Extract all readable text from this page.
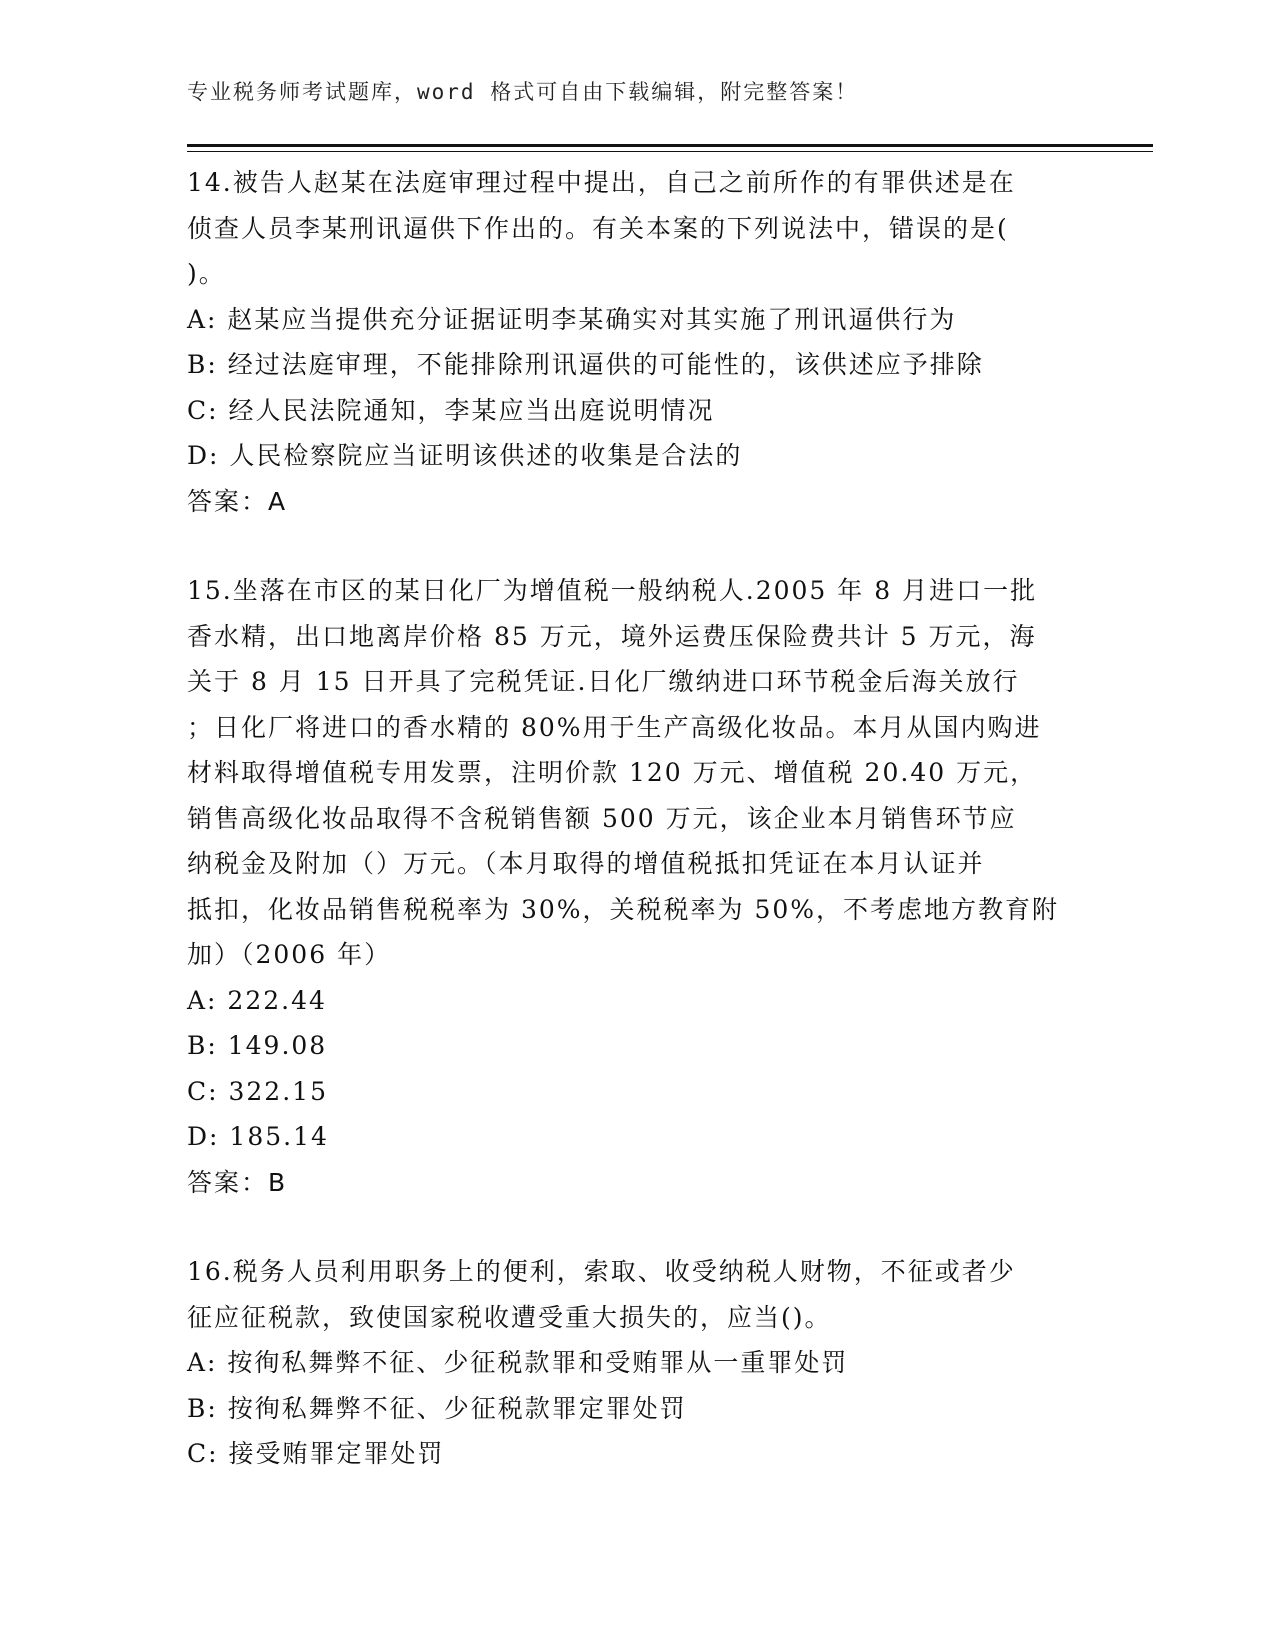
专业税务师考试题库，word 格式可自由下载编辑，附完整答案！
14.被告人赵某在法庭审理过程中提出，自己之前所作的有罪供述是在
侦查人员李某刑讯逼供下作出的。有关本案的下列说法中，错误的是(
)。
A: 赵某应当提供充分证据证明李某确实对其实施了刑讯逼供行为
B: 经过法庭审理，不能排除刑讯逼供的可能性的，该供述应予排除
C: 经人民法院通知，李某应当出庭说明情况
D: 人民检察院应当证明该供述的收集是合法的
答案：A
15.坐落在市区的某日化厂为增值税一般纳税人.2005 年 8 月进口一批
香水精，出口地离岸价格 85 万元，境外运费压保险费共计 5 万元，海
关于 8 月 15 日开具了完税凭证.日化厂缴纳进口环节税金后海关放行
；日化厂将进口的香水精的 80%用于生产高级化妆品。本月从国内购进
材料取得增值税专用发票，注明价款 120 万元、增值税 20.40 万元，
销售高级化妆品取得不含税销售额 500 万元，该企业本月销售环节应
纳税金及附加（）万元。（本月取得的增值税抵扣凭证在本月认证并
抵扣，化妆品销售税税率为 30%，关税税率为 50%，不考虑地方教育附
加）（2006 年）
A: 222.44
B: 149.08
C: 322.15
D: 185.14
答案：B
16.税务人员利用职务上的便利，索取、收受纳税人财物，不征或者少
征应征税款，致使国家税收遭受重大损失的，应当()。
A: 按徇私舞弊不征、少征税款罪和受贿罪从一重罪处罚
B: 按徇私舞弊不征、少征税款罪定罪处罚
C: 接受贿罪定罪处罚
